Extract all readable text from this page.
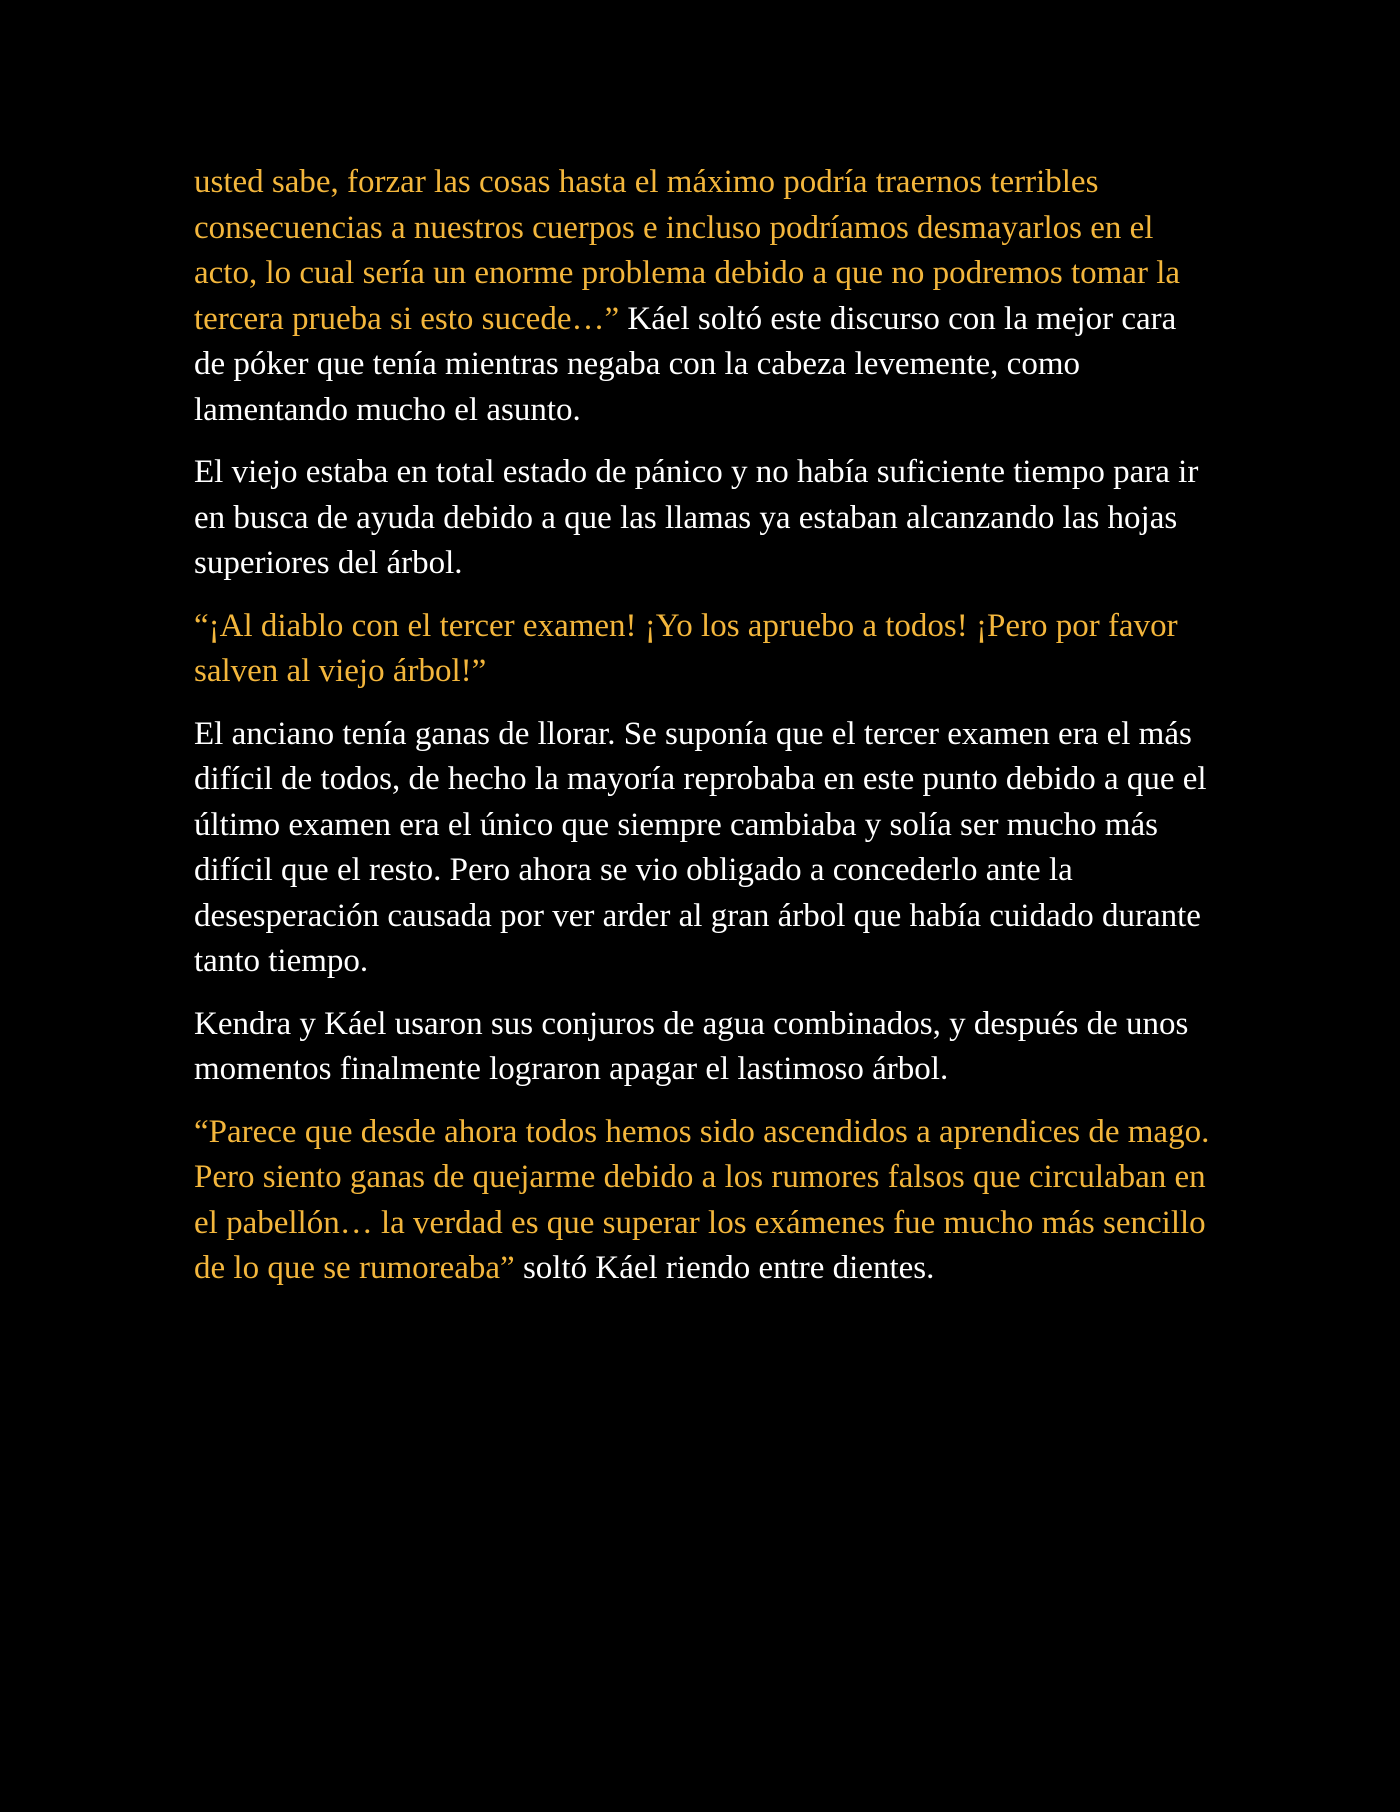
usted sabe, forzar las cosas hasta el máximo podría traernos terribles consecuencias a nuestros cuerpos e incluso podríamos desmayarlos en el acto, lo cual sería un enorme problema debido a que no podremos tomar la tercera prueba si esto sucede…” Káel soltó este discurso con la mejor cara de póker que tenía mientras negaba con la cabeza levemente, como lamentando mucho el asunto.

El viejo estaba en total estado de pánico y no había suficiente tiempo para ir en busca de ayuda debido a que las llamas ya estaban alcanzando las hojas superiores del árbol.

“¡Al diablo con el tercer examen! ¡Yo los apruebo a todos! ¡Pero por favor salven al viejo árbol!”

El anciano tenía ganas de llorar. Se suponía que el tercer examen era el más difícil de todos, de hecho la mayoría reprobaba en este punto debido a que el último examen era el único que siempre cambiaba y solía ser mucho más difícil que el resto. Pero ahora se vio obligado a concederlo ante la desesperación causada por ver arder al gran árbol que había cuidado durante tanto tiempo.

Kendra y Káel usaron sus conjuros de agua combinados, y después de unos momentos finalmente lograron apagar el lastimoso árbol.

“Parece que desde ahora todos hemos sido ascendidos a aprendices de mago. Pero siento ganas de quejarme debido a los rumores falsos que circulaban en el pabellón… la verdad es que superar los exámenes fue mucho más sencillo de lo que se rumoreaba” soltó Káel riendo entre dientes.
